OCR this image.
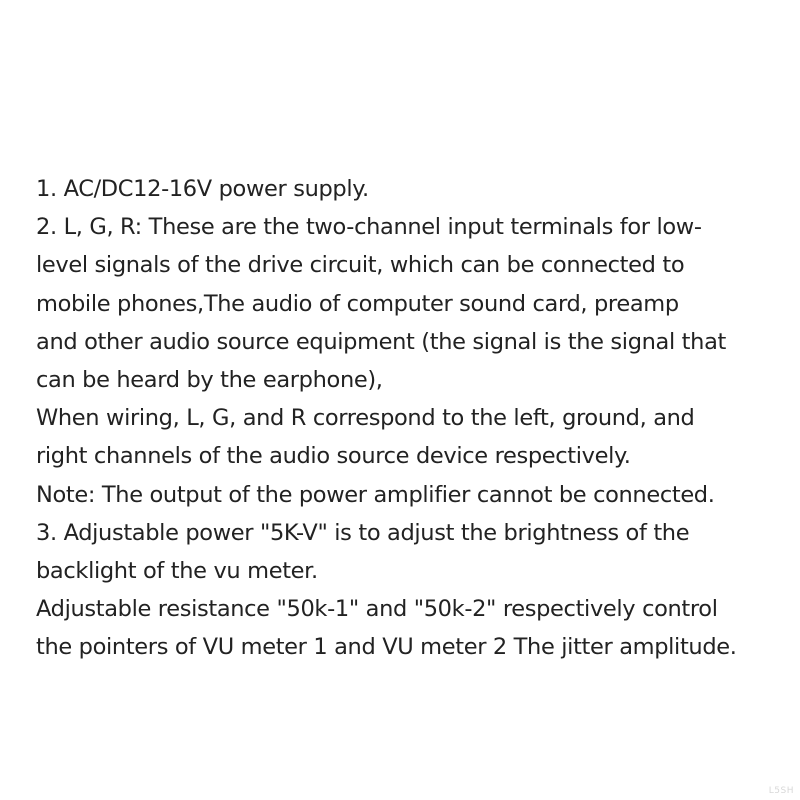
1. AC/DC12-16V power supply.
2. L, G, R: These are the two-channel input terminals for low-
level signals of the drive circuit, which can be connected to
mobile phones,The audio of computer sound card, preamp
and other audio source equipment (the signal is the signal that
can be heard by the earphone),
When wiring, L, G, and R correspond to the left, ground, and
right channels of the audio source device respectively.
Note: The output of the power amplifier cannot be connected.
3. Adjustable power "5K-V" is to adjust the brightness of the
backlight of the vu meter.
Adjustable resistance "50k-1" and "50k-2" respectively control
the pointers of VU meter 1 and VU meter 2 The jitter amplitude.
L5SH
